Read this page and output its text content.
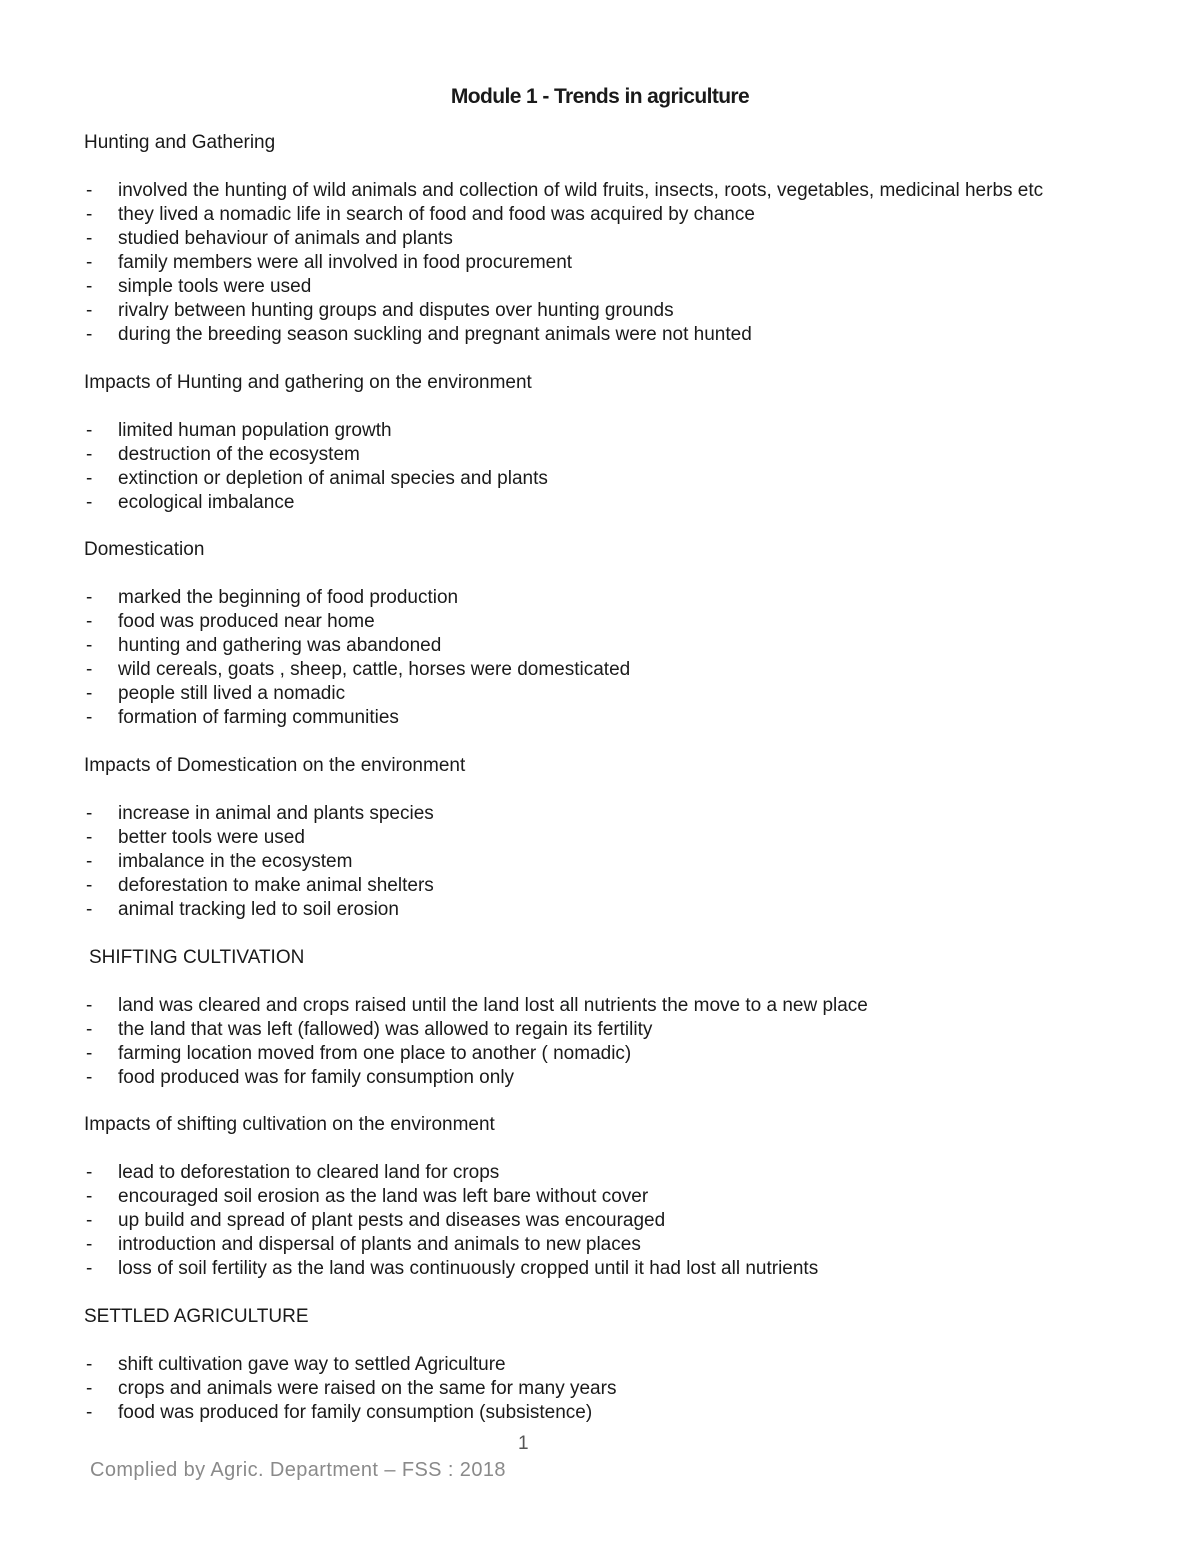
Module 1 - Trends in agriculture
Hunting and Gathering
- involved the hunting of wild animals and collection of wild fruits, insects, roots, vegetables, medicinal herbs etc
- they lived a nomadic life in search of food and food was acquired by chance
- studied behaviour of animals and plants
- family members were all involved in food procurement
- simple tools were used
- rivalry between hunting groups and disputes over hunting grounds
- during the breeding season suckling and pregnant animals were not hunted
Impacts of Hunting and gathering on the environment
- limited human population growth
- destruction of the ecosystem
- extinction or depletion of animal species and plants
- ecological imbalance
Domestication
- marked the beginning of food production
- food was produced near home
- hunting and gathering was abandoned
- wild cereals, goats , sheep, cattle, horses were domesticated
- people still lived a nomadic
- formation of farming communities
Impacts of Domestication on the environment
- increase in animal and plants species
- better tools were used
- imbalance in the ecosystem
- deforestation to make animal shelters
- animal tracking led to soil erosion
SHIFTING CULTIVATION
- land was cleared and crops raised until the land lost all nutrients the move to a new place
- the land that was left (fallowed) was allowed to regain its fertility
- farming location moved from one place to another ( nomadic)
- food produced was for family consumption only
Impacts of shifting cultivation on the environment
- lead to deforestation to cleared land for crops
- encouraged soil erosion as the land was left bare without cover
- up build and spread of plant pests and diseases was encouraged
- introduction and dispersal of plants and animals to new places
- loss of soil fertility as the land was continuously cropped until it had lost all nutrients
SETTLED AGRICULTURE
- shift cultivation gave way to settled Agriculture
- crops and animals were raised on the same for many years
- food was produced for family consumption (subsistence)
1
Complied by Agric. Department – FSS : 2018
